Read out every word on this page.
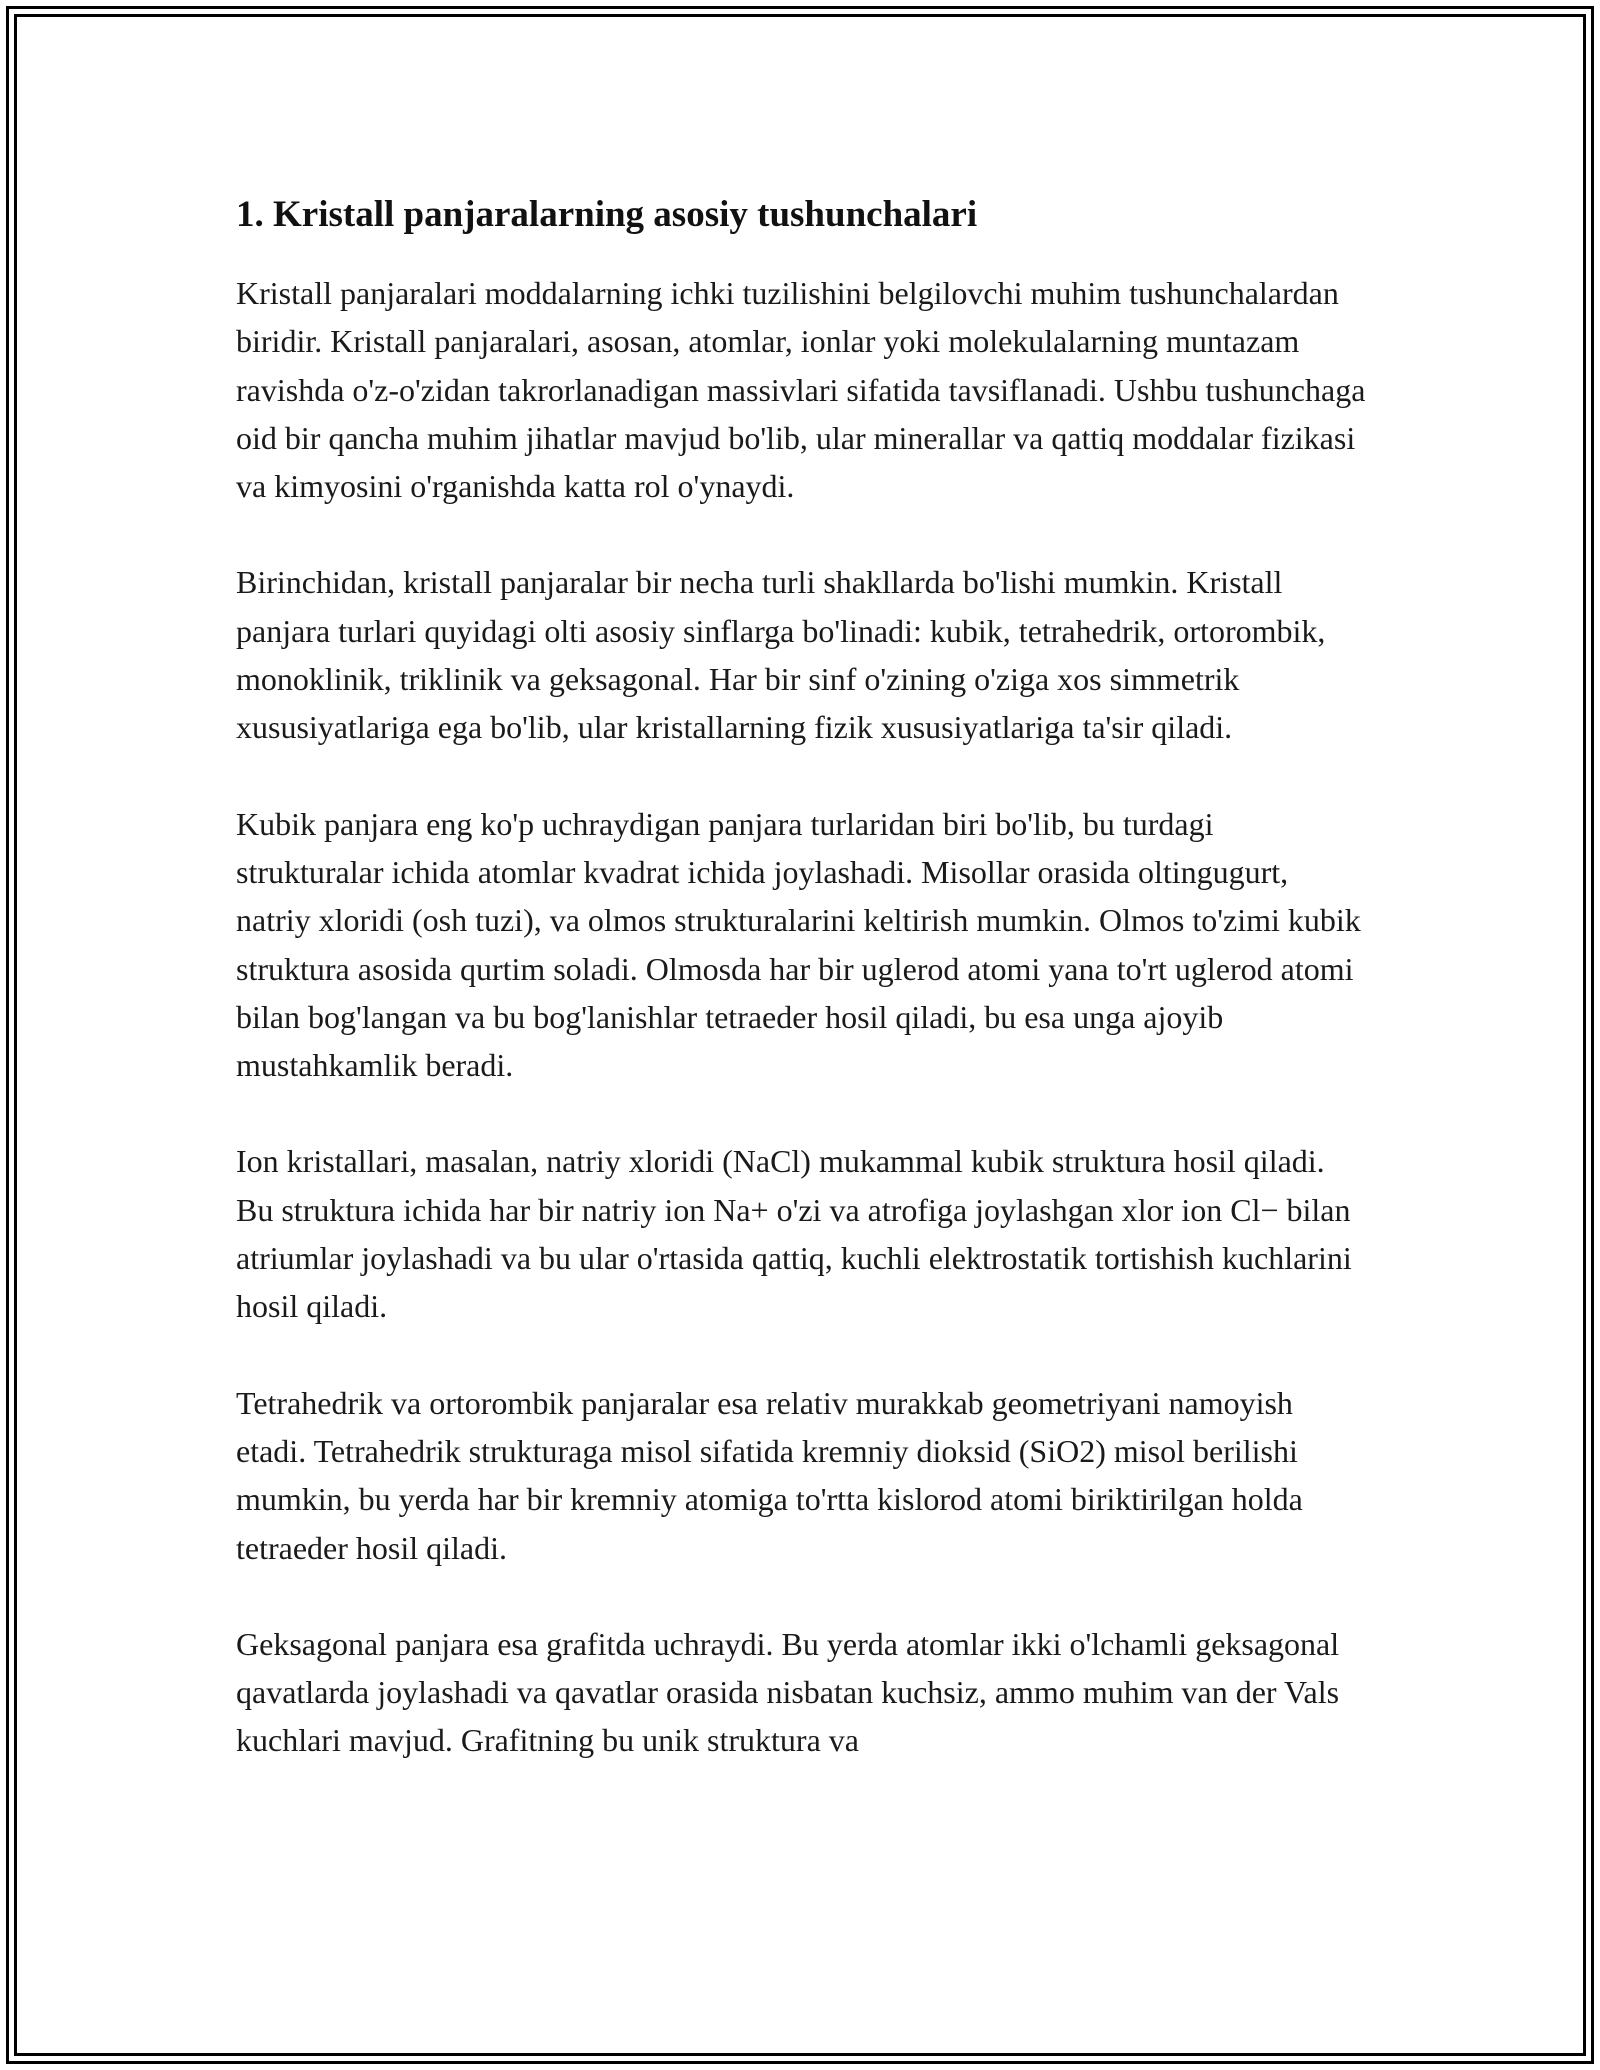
1. Kristall panjaralarning asosiy tushunchalari

Kristall panjaralari moddalarning ichki tuzilishini belgilovchi muhim tushunchalardan biridir. Kristall panjaralari, asosan, atomlar, ionlar yoki molekulalarning muntazam ravishda o'z-o'zidan takrorlanadigan massivlari sifatida tavsiflanadi. Ushbu tushunchaga oid bir qancha muhim jihatlar mavjud bo'lib, ular minerallar va qattiq moddalar fizikasi va kimyosini o'rganishda katta rol o'ynaydi.

Birinchidan, kristall panjaralar bir necha turli shakllarda bo'lishi mumkin. Kristall panjara turlari quyidagi olti asosiy sinflarga bo'linadi: kubik, tetrahedrik, ortorombik, monoklinik, triklinik va geksagonal. Har bir sinf o'zining o'ziga xos simmetrik xususiyatlariga ega bo'lib, ular kristallarning fizik xususiyatlariga ta'sir qiladi.

Kubik panjara eng ko'p uchraydigan panjara turlaridan biri bo'lib, bu turdagi strukturalar ichida atomlar kvadrat ichida joylashadi. Misollar orasida oltingugurt, natriy xloridi (osh tuzi), va olmos strukturalarini keltirish mumkin. Olmos to'zimi kubik struktura asosida qurtim soladi. Olmosda har bir uglerod atomi yana to'rt uglerod atomi bilan bog'langan va bu bog'lanishlar tetraeder hosil qiladi, bu esa unga ajoyib mustahkamlik beradi.

Ion kristallari, masalan, natriy xloridi (NaCl) mukammal kubik struktura hosil qiladi. Bu struktura ichida har bir natriy ion Na+ o'zi va atrofiga joylashgan xlor ion Cl− bilan atriumlar joylashadi va bu ular o'rtasida qattiq, kuchli elektrostatik tortishish kuchlarini hosil qiladi.

Tetrahedrik va ortorombik panjaralar esa relativ murakkab geometriyani namoyish etadi. Tetrahedrik strukturaga misol sifatida kremniy dioksid (SiO2) misol berilishi mumkin, bu yerda har bir kremniy atomiga to'rtta kislorod atomi biriktirilgan holda tetraeder hosil qiladi.

Geksagonal panjara esa grafitda uchraydi. Bu yerda atomlar ikki o'lchamli geksagonal qavatlarda joylashadi va qavatlar orasida nisbatan kuchsiz, ammo muhim van der Vals kuchlari mavjud. Grafitning bu unik struktura va
